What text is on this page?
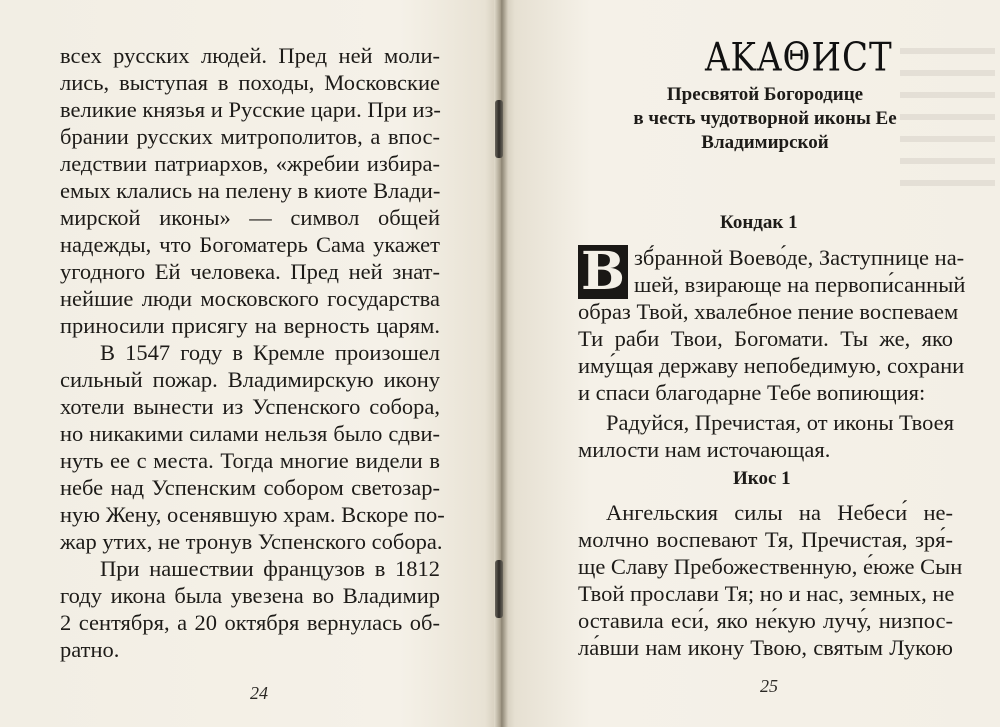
всех русских людей. Пред ней моли-
лись, выступая в походы, Московские
великие князья и Русские цари. При из-
брании русских митрополитов, а впос-
ледствии патриархов, «жребии избира-
емых клались на пелену в киоте Влади-
мирской иконы» — символ общей
надежды, что Богоматерь Сама укажет
угодного Ей человека. Пред ней знат-
нейшие люди московского государства
приносили присягу на верность царям.
В 1547 году в Кремле произошел
сильный пожар. Владимирскую икону
хотели вынести из Успенского собора,
но никакими силами нельзя было сдви-
нуть ее с места. Тогда многие видели в
небе над Успенским собором светозар-
ную Жену, осенявшую храм. Вскоре по-
жар утих, не тронув Успенского собора.
При нашествии французов в 1812
году икона была увезена во Владимир
2 сентября, а 20 октября вернулась об-
ратно.
24
ΑΚΑΘИСТ
Пресвятой Богородице
в честь чудотворной иконы Ее
Владимирской
Кондак 1
В зб́ранной Воево́де, Заступнице на-
шей, взирающе на первопи́санный
образ Твой, хвалебное пение воспеваем
Ти раби Твои, Богомати. Ты же, яко
иму́щая державу непобедимую, сохрани
и спаси благодарне Тебе вопиющия:
Радуйся, Пречистая, от иконы Твоея
милости нам источающая.
Икос 1
Ангельския силы на Небеси́ не-
молчно воспевают Тя, Пречистая, зря́-
ще Славу Пребожественную, е́юже Сын
Твой прослави Тя; но и нас, земных, не
оставила еси́, яко не́кую лучу́, низпос-
ла́вши нам икону Твою, святым Лукою
25
